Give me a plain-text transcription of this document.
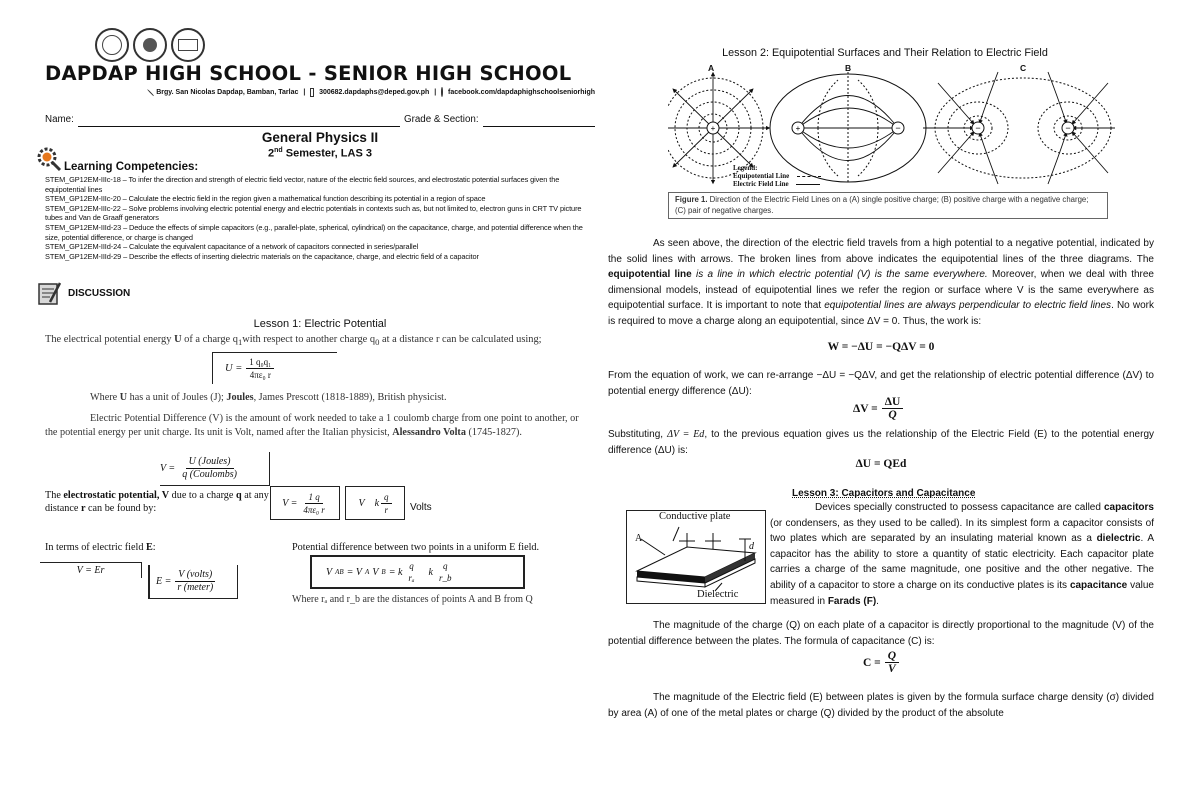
DAPDAP HIGH SCHOOL - SENIOR HIGH SCHOOL
Brgy. San Nicolas Dapdap, Bamban, Tarlac | 300682.dapdaphs@deped.gov.ph | facebook.com/dapdaphighschoolseniorhigh
Name:	Grade & Section:
General Physics II
2nd Semester, LAS 3
Learning Competencies:
STEM_GP12EM-IIIc-18 – To infer the direction and strength of electric field vector, nature of the electric field sources, and electrostatic potential surfaces given the equipotential lines
STEM_GP12EM-IIIc-20 – Calculate the electric field in the region given a mathematical function describing its potential in a region of space
STEM_GP12EM-IIIc-22 – Solve problems involving electric potential energy and electric potentials in contexts such as, but not limited to, electron guns in CRT TV picture tubes and Van de Graaff generators
STEM_GP12EM-IIId-23 – Deduce the effects of simple capacitors (e.g., parallel-plate, spherical, cylindrical) on the capacitance, charge, and potential difference when the size, potential difference, or charge is changed
STEM_GP12EM-IIId-24 – Calculate the equivalent capacitance of a network of capacitors connected in series/parallel
STEM_GP12EM-IIId-29 – Describe the effects of inserting dielectric materials on the capacitance, charge, and electric field of a capacitor
DISCUSSION
Lesson 1: Electric Potential
The electrical potential energy U of a charge $q_1with$ respect to another charge $q_0$ at a distance r can be calculated using;
$U = \frac{\text{1 q₀q₁}}{\text{4πε₀ r}}$
Where U has a unit of Joules (J); Joules, James Prescott (1818-1889), British physicist.
Electric Potential Difference (V) is the amount of work needed to take a 1 coulomb charge from one point to another, or the potential energy per unit charge. Its unit is Volt, named after the Italian physicist, Alessandro Volta (1745-1827).
$V = \frac{\text{U (Joules)}}{\text{q (Coulombs)}}$
The electrostatic potential, V due to a charge q at any distance r can be found by:	$V = \frac{1 q}{\text{4πε₀ r}}$	V k $\frac{q}{r}$ Volts
In terms of electric field E:
V = Er
$E = \frac{\text{V (volts)}}{\text{r (meter)}}$
Potential difference between two points in a uniform E field.
V AB = V A V B = k
q
rₐ
k
q
r_b
Where rₐ and r_b are the distances of points A and B from Q
Lesson 2: Equipotential Surfaces and Their Relation to Electric Field
A	B	C
+	+	−	−	−
Legend:
Equipotential Line
Electric Field Line
Figure 1. Direction of the Electric Field Lines on a (A) single positive charge; (B) positive charge with a negative charge; (C) pair of negative charges.
As seen above, the direction of the electric field travels from a high potential to a negative potential, indicated by the solid lines with arrows. The broken lines from above indicates the equipotential lines of the three diagrams. The equipotential line is a line in which electric potential (V) is the same everywhere. Moreover, when we deal with three dimensional models, instead of equipotential lines we refer the region or surface where V is the same everywhere as equipotential surface. It is important to note that equipotential lines are always perpendicular to electric field lines. No work is required to move a charge along an equipotential, since ΔV = 0. Thus, the work is:
W = −ΔU = −QΔV = 0
From the equation of work, we can re-arrange −ΔU = −QΔV, and get the relationship of electric potential difference (ΔV) to potential energy difference (ΔU):
$\Delta V = \frac{\Delta U}{Q}$
Substituting, ΔV = Ed, to the previous equation gives us the relationship of the Electric Field (E) to the potential energy difference (ΔU) is:
ΔU = QEd
Lesson 3: Capacitors and Capacitance
Conductive plate
A
d
Dielectric
Devices specially constructed to possess capacitance are called capacitors (or condensers, as they used to be called). In its simplest form a capacitor consists of two plates which are separated by an insulating material known as a dielectric. A capacitor has the ability to store a quantity of static electricity. Each capacitor plate carries a charge of the same magnitude, one positive and the other negative. The ability of a capacitor to store a charge on its conductive plates is its capacitance value measured in Farads (F).
The magnitude of the charge (Q) on each plate of a capacitor is directly proportional to the magnitude (V) of the potential difference between the plates. The formula of capacitance (C) is:
$C = \frac{Q}{V}$
The magnitude of the Electric field (E) between plates is given by the formula surface charge density (σ) divided by area (A) of one of the metal plates or charge (Q) divided by the product of the absolute
